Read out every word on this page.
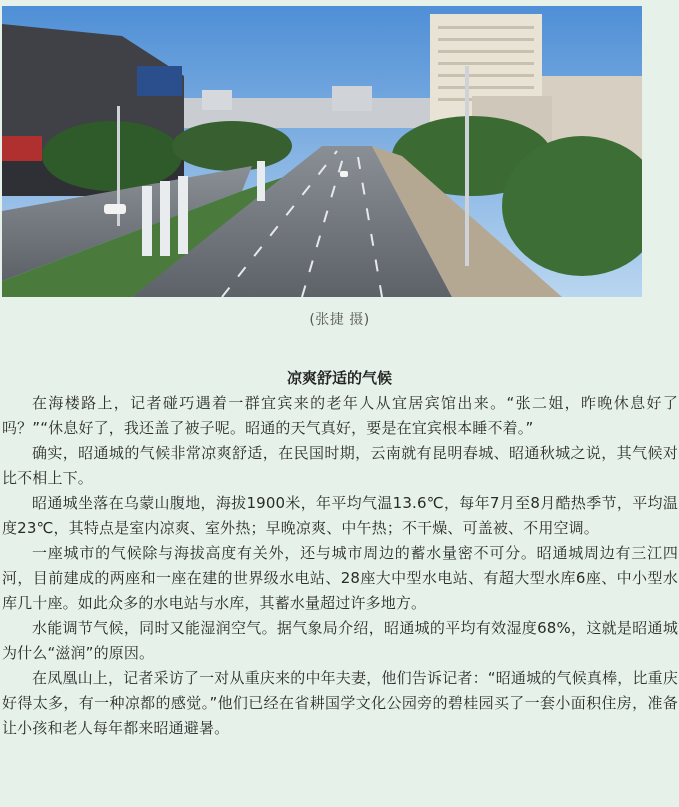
(张捷 摄)
凉爽舒适的气候

在海楼路上，记者碰巧遇着一群宜宾来的老年人从宜居宾馆出来。“张二姐，昨晚休息好了吗？”“休息好了，我还盖了被子呢。昭通的天气真好，要是在宜宾根本睡不着。”

确实，昭通城的气候非常凉爽舒适，在民国时期，云南就有昆明春城、昭通秋城之说，其气候对比不相上下。

昭通城坐落在乌蒙山腹地，海拔1900米，年平均气温13.6℃，每年7月至8月酷热季节，平均温度23℃，其特点是室内凉爽、室外热；早晚凉爽、中午热；不干燥、可盖被、不用空调。

一座城市的气候除与海拔高度有关外，还与城市周边的蓄水量密不可分。昭通城周边有三江四河，目前建成的两座和一座在建的世界级水电站、28座大中型水电站、有超大型水库6座、中小型水库几十座。如此众多的水电站与水库，其蓄水量超过许多地方。

水能调节气候，同时又能湿润空气。据气象局介绍，昭通城的平均有效湿度68%，这就是昭通城为什么“滋润”的原因。

在凤凰山上，记者采访了一对从重庆来的中年夫妻，他们告诉记者：“昭通城的气候真棒，比重庆好得太多，有一种凉都的感觉。”他们已经在省耕国学文化公园旁的碧桂园买了一套小面积住房，准备让小孩和老人每年都来昭通避暑。
